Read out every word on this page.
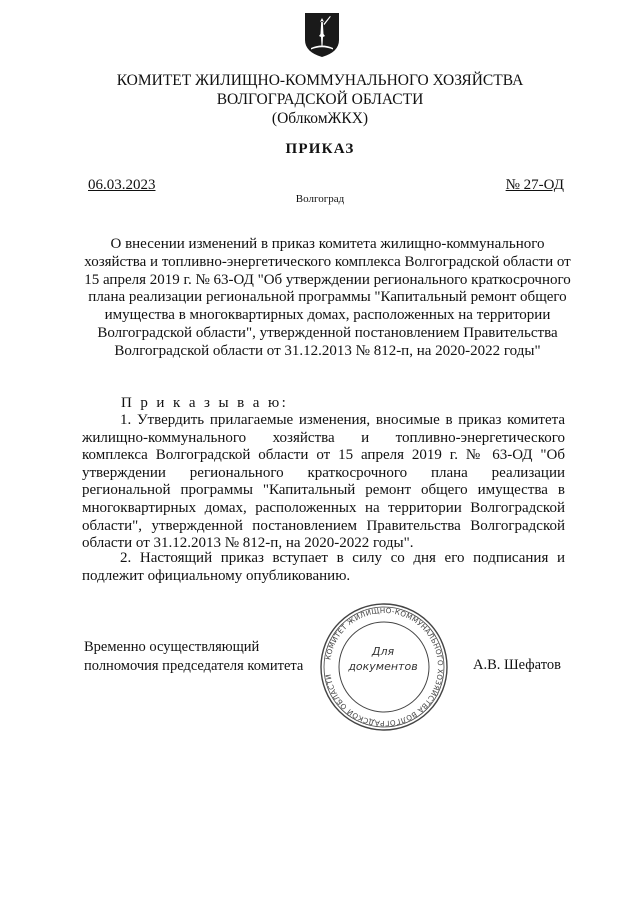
КОМИТЕТ ЖИЛИЩНО-КОММУНАЛЬНОГО ХОЗЯЙСТВА
ВОЛГОГРАДСКОЙ ОБЛАСТИ
(ОблкомЖКХ)
ПРИКАЗ
06.03.2023	№ 27-ОД
Волгоград
О внесении изменений в приказ комитета жилищно-коммунального хозяйства и топливно-энергетического комплекса Волгоградской области от 15 апреля 2019 г. № 63-ОД "Об утверждении регионального краткосрочного плана реализации региональной программы "Капитальный ремонт общего имущества в многоквартирных домах, расположенных на территории Волгоградской области", утвержденной постановлением Правительства Волгоградской области от 31.12.2013 № 812-п, на 2020-2022 годы"
П р и к а з ы в а ю:
1. Утвердить прилагаемые изменения, вносимые в приказ комитета жилищно-коммунального хозяйства и топливно-энергетического комплекса Волгоградской области от 15 апреля 2019 г. № 63-ОД "Об утверждении регионального краткосрочного плана реализации региональной программы "Капитальный ремонт общего имущества в многоквартирных домах, расположенных на территории Волгоградской области", утвержденной постановлением Правительства Волгоградской области от 31.12.2013 № 812-п, на 2020-2022 годы".
2. Настоящий приказ вступает в силу со дня его подписания и подлежит официальному опубликованию.
Временно осуществляющий
полномочия председателя комитета	А.В. Шефатов
КОМИТЕТ ЖИЛИЩНО-КОММУНАЛЬНОГО ХОЗЯЙСТВА ВОЛГОГРАДСКОЙ ОБЛАСТИ
Для
документов
